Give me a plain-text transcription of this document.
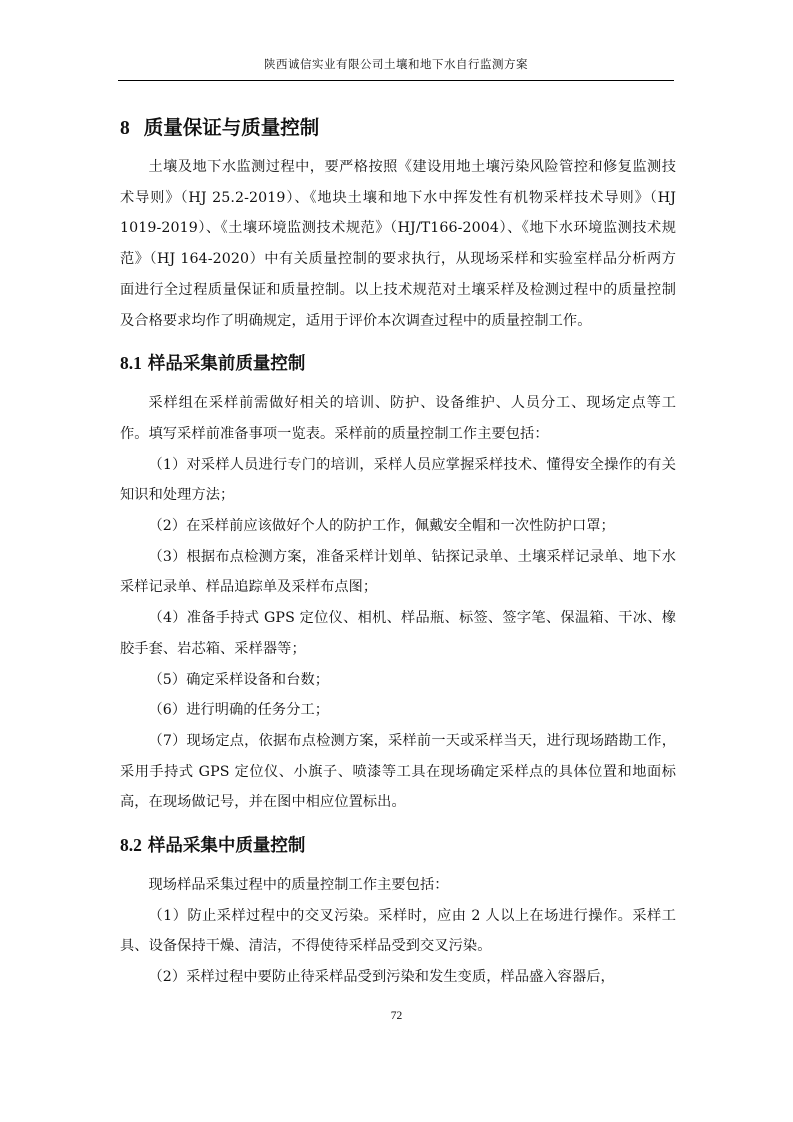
陕西诚信实业有限公司土壤和地下水自行监测方案
8 质量保证与质量控制

土壤及地下水监测过程中，要严格按照《建设用地土壤污染风险管控和修复监测技术导则》（HJ 25.2-2019）、《地块土壤和地下水中挥发性有机物采样技术导则》（HJ 1019-2019）、《土壤环境监测技术规范》（HJ/T166-2004）、《地下水环境监测技术规范》（HJ 164-2020）中有关质量控制的要求执行，从现场采样和实验室样品分析两方面进行全过程质量保证和质量控制。以上技术规范对土壤采样及检测过程中的质量控制及合格要求均作了明确规定，适用于评价本次调查过程中的质量控制工作。

8.1 样品采集前质量控制

采样组在采样前需做好相关的培训、防护、设备维护、人员分工、现场定点等工作。填写采样前准备事项一览表。采样前的质量控制工作主要包括：

（1）对采样人员进行专门的培训，采样人员应掌握采样技术、懂得安全操作的有关知识和处理方法；

（2）在采样前应该做好个人的防护工作，佩戴安全帽和一次性防护口罩；

（3）根据布点检测方案，准备采样计划单、钻探记录单、土壤采样记录单、地下水采样记录单、样品追踪单及采样布点图；

（4）准备手持式 GPS 定位仪、相机、样品瓶、标签、签字笔、保温箱、干冰、橡胶手套、岩芯箱、采样器等；

（5）确定采样设备和台数；

（6）进行明确的任务分工；

（7）现场定点，依据布点检测方案，采样前一天或采样当天，进行现场踏勘工作，采用手持式 GPS 定位仪、小旗子、喷漆等工具在现场确定采样点的具体位置和地面标高，在现场做记号，并在图中相应位置标出。

8.2 样品采集中质量控制

现场样品采集过程中的质量控制工作主要包括：

（1）防止采样过程中的交叉污染。采样时，应由 2 人以上在场进行操作。采样工具、设备保持干燥、清洁，不得使待采样品受到交叉污染。

（2）采样过程中要防止待采样品受到污染和发生变质，样品盛入容器后，

72
